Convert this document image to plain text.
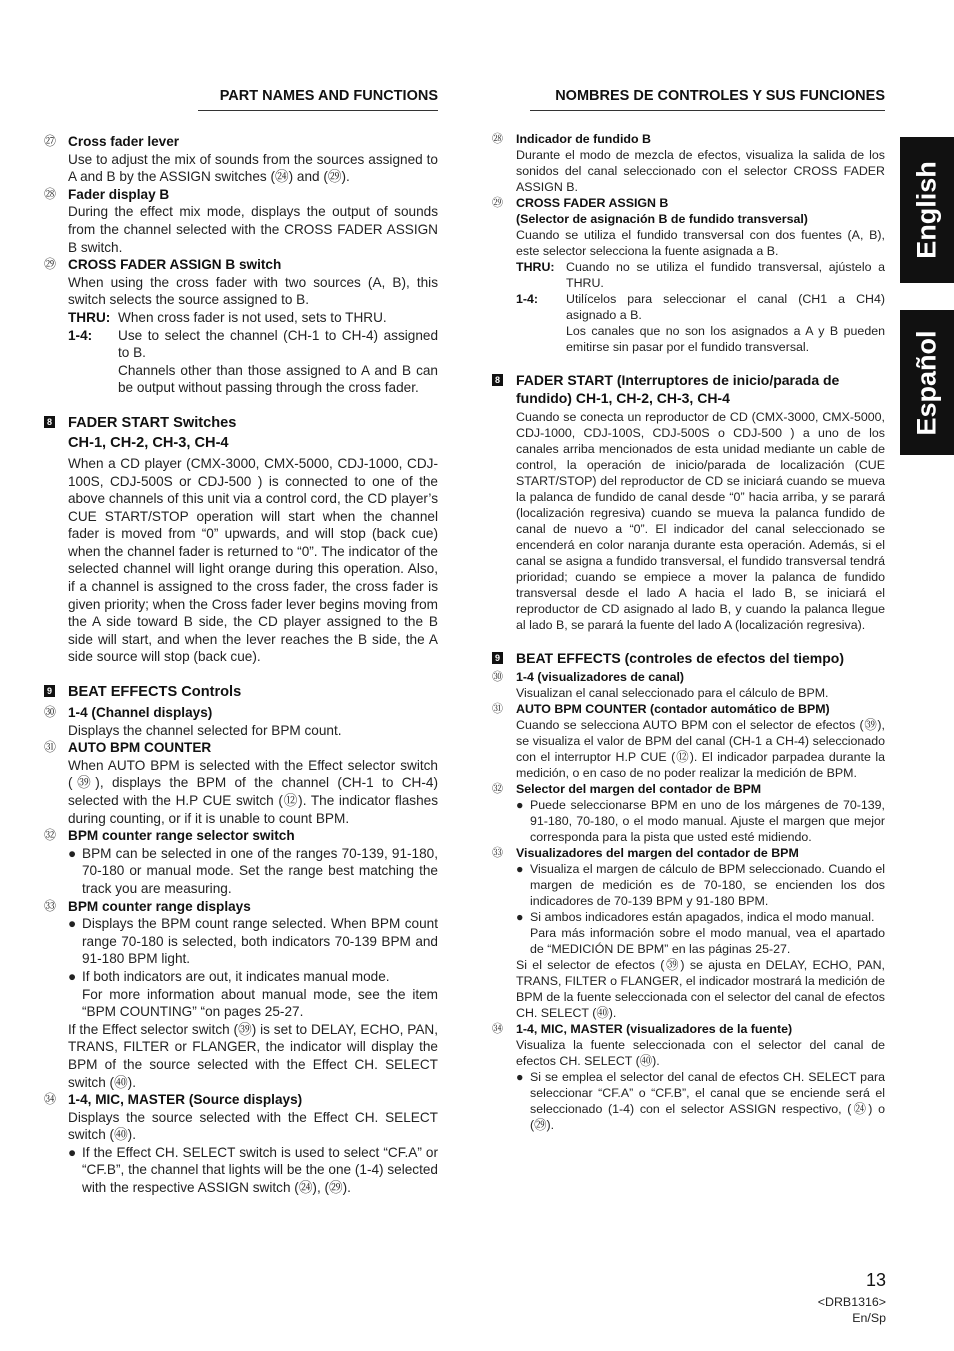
PART NAMES AND FUNCTIONS
㉗ Cross fader lever
Use to adjust the mix of sounds from the sources assigned to A and B by the ASSIGN switches (㉔) and (㉙).
㉘ Fader display B
During the effect mix mode, displays the output of sounds from the channel selected with the CROSS FADER ASSIGN B switch.
㉙ CROSS FADER ASSIGN B switch
When using the cross fader with two sources (A, B), this switch selects the source assigned to B.
THRU: When cross fader is not used, sets to THRU.
1-4:	Use to select the channel (CH-1 to CH-4) assigned to B.
Channels other than those assigned to A and B can be output without passing through the cross fader.
8 FADER START Switches
CH-1, CH-2, CH-3, CH-4
When a CD player (CMX-3000, CMX-5000, CDJ-1000, CDJ-100S, CDJ-500S or CDJ-500 ) is connected to one of the above channels of this unit via a control cord, the CD player’s CUE START/STOP operation will start when the channel fader is moved from “0” upwards, and will stop (back cue) when the channel fader is returned to “0”. The indicator of the selected channel will light orange during this operation. Also, if a channel is assigned to the cross fader, the cross fader is given priority; when the Cross fader lever begins moving from the A side toward B side, the CD player assigned to the B side will start, and when the lever reaches the B side, the A side source will stop (back cue).
9 BEAT EFFECTS Controls
㉚ 1-4 (Channel displays)
Displays the channel selected for BPM count.
㉛ AUTO BPM COUNTER
When AUTO BPM is selected with the Effect selector switch (㊴), displays the BPM of the channel (CH-1 to CH-4) selected with the H.P CUE switch (⑫). The indicator flashes during counting, or if it is unable to count BPM.
㉜ BPM counter range selector switch
● BPM can be selected in one of the ranges 70-139, 91-180, 70-180 or manual mode. Set the range best matching the track you are measuring.
㉝ BPM counter range displays
● Displays the BPM count range selected. When BPM count range 70-180 is selected, both indicators 70-139 BPM and 91-180 BPM light.
● If both indicators are out, it indicates manual mode.
For more information about manual mode, see the item “BPM COUNTING” “on pages 25-27.
If the Effect selector switch (㊴) is set to DELAY, ECHO, PAN, TRANS, FILTER or FLANGER, the indicator will display the BPM of the source selected with the Effect CH. SELECT switch (㊵).
㉞ 1-4, MIC, MASTER (Source displays)
Displays the source selected with the Effect CH. SELECT switch (㊵).
● If the Effect CH. SELECT switch is used to select “CF.A” or “CF.B”, the channel that lights will be the one (1-4) selected with the respective ASSIGN switch (㉔), (㉙).
NOMBRES DE CONTROLES Y SUS FUNCIONES
㉘	Indicador de fundido B
Durante el modo de mezcla de efectos, visualiza la salida de los sonidos del canal seleccionado con el selector CROSS FADER ASSIGN B.
㉙	CROSS FADER ASSIGN B
(Selector de asignación B de fundido transversal)
Cuando se utiliza el fundido transversal con dos fuentes (A, B), este selector selecciona la fuente asignada a B.
THRU: Cuando no se utiliza el fundido transversal, ajústelo a THRU.
1-4:	Utilícelos para seleccionar el canal (CH1 a CH4) asignado a B.
Los canales que no son los asignados a A y B pueden emitirse sin pasar por el fundido transversal.
8 FADER START (Interruptores de inicio/parada de fundido) CH-1, CH-2, CH-3, CH-4
Cuando se conecta un reproductor de CD (CMX-3000, CMX-5000, CDJ-1000, CDJ-100S, CDJ-500S o CDJ-500 ) a uno de los canales arriba mencionados de esta unidad mediante un cable de control, la operación de inicio/parada de localización (CUE START/STOP) del reproductor de CD se iniciará cuando se mueva la palanca de fundido de canal desde “0” hacia arriba, y se parará (localización regresiva) cuando se mueva la palanca fundido de canal de nuevo a “0”. El indicador del canal seleccionado se encenderá en color naranja durante esta operación. Además, si el canal se asigna a fundido transversal, el fundido transversal tendrá prioridad; cuando se empiece a mover la palanca de fundido transversal desde el lado A hacia el lado B, se iniciará el reproductor de CD asignado al lado B, y cuando la palanca llegue al lado B, se parará la fuente del lado A (localización regresiva).
9 BEAT EFFECTS (controles de efectos del tiempo)
㉚	1-4 (visualizadores de canal)
Visualizan el canal seleccionado para el cálculo de BPM.
㉛	AUTO BPM COUNTER (contador automático de BPM)
Cuando se selecciona AUTO BPM con el selector de efectos (㊴), se visualiza el valor de BPM del canal (CH-1 a CH-4) seleccionado con el interruptor H.P CUE (⑫). El indicador parpadea durante la medición, o en caso de no poder realizar la medición de BPM.
㉜	Selector del margen del contador de BPM
● Puede seleccionarse BPM en uno de los márgenes de 70-139, 91-180, 70-180, o el modo manual. Ajuste el margen que mejor corresponda para la pista que usted esté midiendo.
㉝	Visualizadores del margen del contador de BPM
● Visualiza el margen de cálculo de BPM seleccionado. Cuando el margen de medición es de 70-180, se encienden los dos indicadores de 70-139 BPM y 91-180 BPM.
● Si ambos indicadores están apagados, indica el modo manual.
Para más información sobre el modo manual, vea el apartado de “MEDICIÓN DE BPM” en las páginas 25-27.
Si el selector de efectos (㊴) se ajusta en DELAY, ECHO, PAN, TRANS, FILTER o FLANGER, el indicador mostrará la medición de BPM de la fuente seleccionada con el selector del canal de efectos CH. SELECT (㊵).
㉞	1-4, MIC, MASTER (visualizadores de la fuente)
Visualiza la fuente seleccionada con el selector del canal de efectos CH. SELECT (㊵).
● Si se emplea el selector del canal de efectos CH. SELECT para seleccionar “CF.A” o “CF.B”, el canal que se enciende será el seleccionado (1-4) con el selector ASSIGN respectivo, (㉔) o (㉙).
English
Español
13
<DRB1316>
En/Sp
